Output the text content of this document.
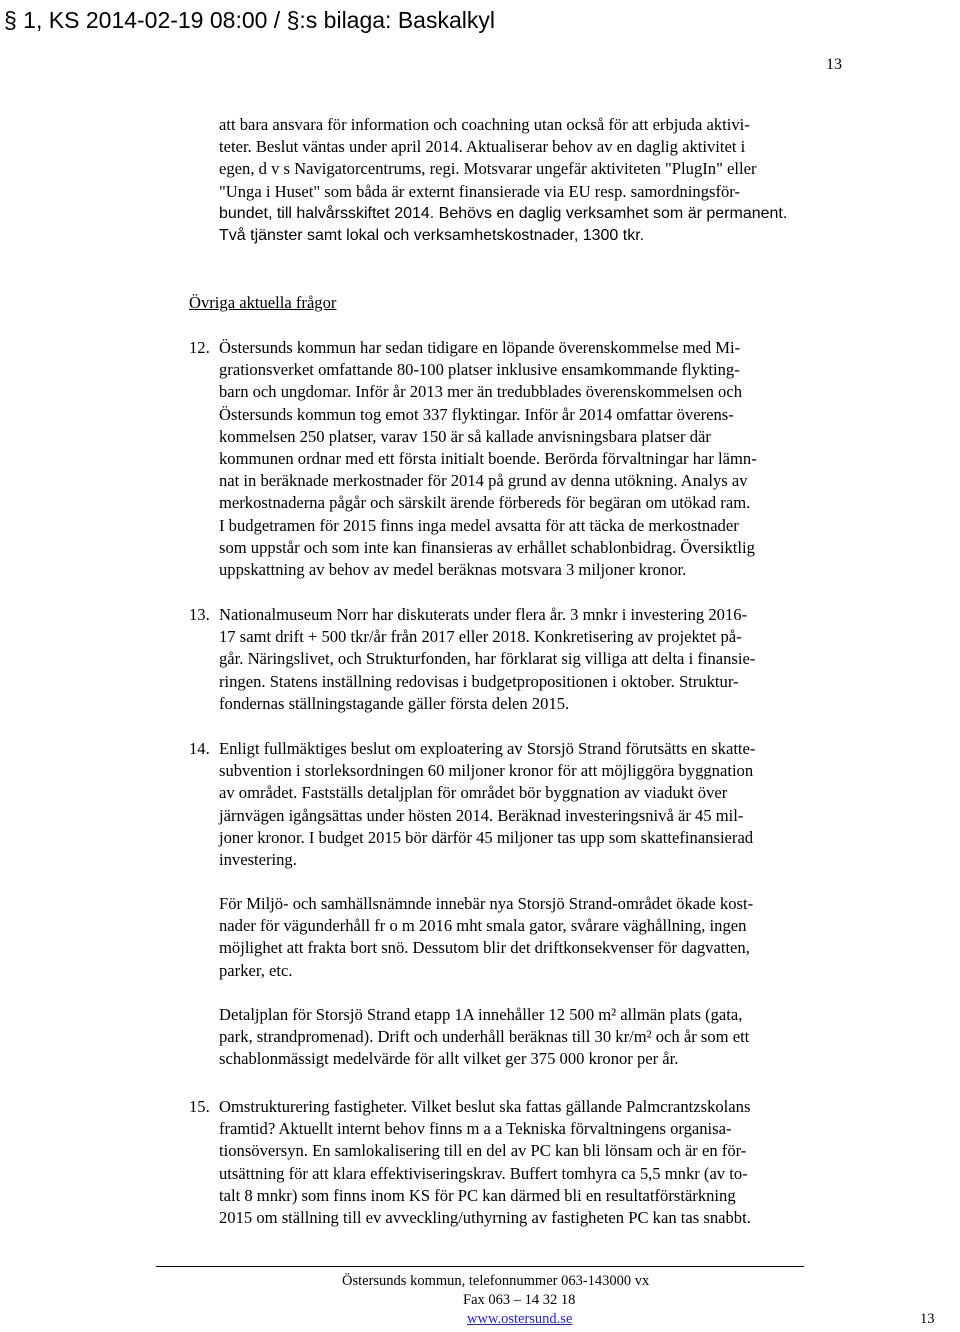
§ 1, KS 2014-02-19 08:00 / §:s bilaga: Baskalkyl
13
att bara ansvara för information och coachning utan också för att erbjuda aktivi-
teter. Beslut väntas under april 2014. Aktualiserar behov av en daglig aktivitet i
egen, d v s Navigatorcentrums, regi. Motsvarar ungefär aktiviteten "PlugIn" eller
"Unga i Huset" som båda är externt finansierade via EU resp. samordningsför-
bundet, till halvårsskiftet 2014. Behövs en daglig verksamhet som är permanent.
Två tjänster samt lokal och verksamhetskostnader, 1300 tkr.
Övriga aktuella frågor
12. Östersunds kommun har sedan tidigare en löpande överenskommelse med Mi-
grationsverket omfattande 80-100 platser inklusive ensamkommande flykting-
barn och ungdomar. Inför år 2013 mer än tredubblades överenskommelsen och
Östersunds kommun tog emot 337 flyktingar. Inför år 2014 omfattar överens-
kommelsen 250 platser, varav 150 är så kallade anvisningsbara platser där
kommunen ordnar med ett första initialt boende. Berörda förvaltningar har lämn-
nat in beräknade merkostnader för 2014 på grund av denna utökning. Analys av
merkostnaderna pågår och särskilt ärende förbereds för begäran om utökad ram.
I budgetramen för 2015 finns inga medel avsatta för att täcka de merkostnader
som uppstår och som inte kan finansieras av erhållet schablonbidrag. Översiktlig
uppskattning av behov av medel beräknas motsvara 3 miljoner kronor.
13. Nationalmuseum Norr har diskuterats under flera år. 3 mnkr i investering 2016-
17 samt drift + 500 tkr/år från 2017 eller 2018. Konkretisering av projektet på-
går. Näringslivet, och Strukturfonden, har förklarat sig villiga att delta i finansie-
ringen. Statens inställning redovisas i budgetpropositionen i oktober. Struktur-
fondernas ställningstagande gäller första delen 2015.
14. Enligt fullmäktiges beslut om exploatering av Storsjö Strand förutsätts en skatte-
subvention i storleksordningen 60 miljoner kronor för att möjliggöra byggnation
av området. Fastställs detaljplan för området bör byggnation av viadukt över
järnvägen igångsättas under hösten 2014. Beräknad investeringsnivå är 45 mil-
joner kronor. I budget 2015 bör därför 45 miljoner tas upp som skattefinansierad
investering.
För Miljö- och samhällsnämnde innebär nya Storsjö Strand-området ökade kost-
nader för vägunderhåll fr o m 2016 mht smala gator, svårare väghållning, ingen
möjlighet att frakta bort snö. Dessutom blir det driftkonsekvenser för dagvatten,
parker, etc.
Detaljplan för Storsjö Strand etapp 1A innehåller 12 500 m² allmän plats (gata,
park, strandpromenad). Drift och underhåll beräknas till 30 kr/m² och år som ett
schablonmässigt medelvärde för allt vilket ger 375 000 kronor per år.
15. Omstrukturering fastigheter. Vilket beslut ska fattas gällande Palmcrantzskolans
framtid? Aktuellt internt behov finns m a a Tekniska förvaltningens organisa-
tionsöversyn. En samlokalisering till en del av PC kan bli lönsam och är en för-
utsättning för att klara effektiviseringskrav. Buffert tomhyra ca 5,5 mnkr (av to-
talt 8 mnkr) som finns inom KS för PC kan därmed bli en resultatförstärkning
2015 om ställning till ev avveckling/uthyrning av fastigheten PC kan tas snabbt.
Östersunds kommun, telefonnummer 063-143000 vx
Fax 063 – 14 32 18
www.ostersund.se	13
